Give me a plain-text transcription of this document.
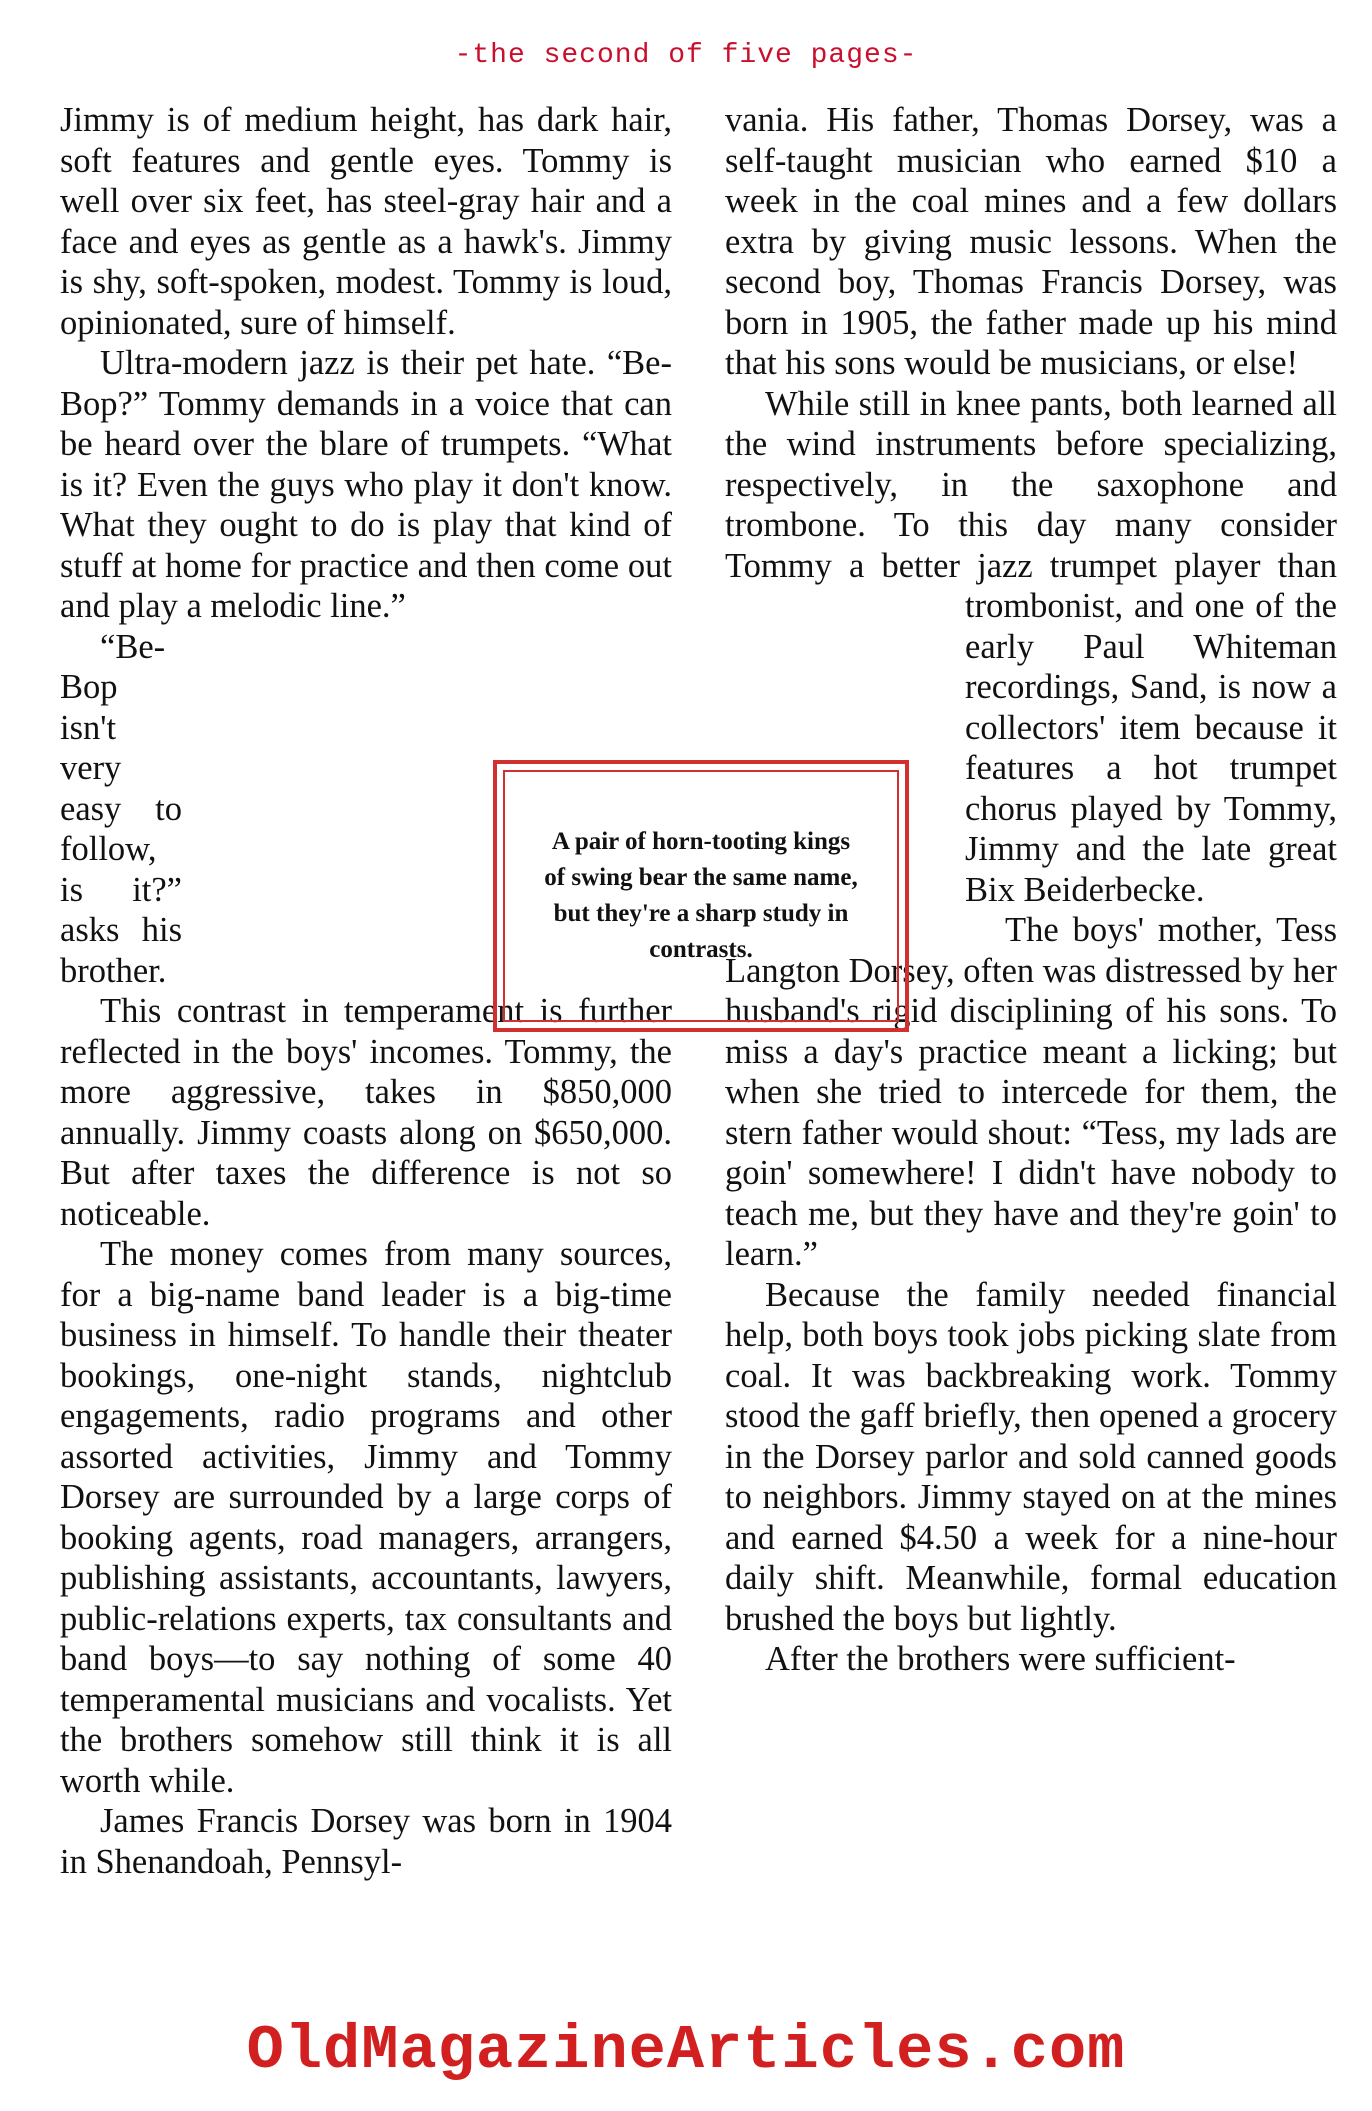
-the second of five pages-

Jimmy is of medium height, has dark hair, soft features and gentle eyes. Tommy is well over six feet, has steel-gray hair and a face and eyes as gentle as a hawk's. Jimmy is shy, soft-spoken, modest. Tommy is loud, opinionated, sure of himself.

Ultra-modern jazz is their pet hate. “Be-Bop?” Tommy demands in a voice that can be heard over the blare of trumpets. “What is it? Even the guys who play it don't know. What they ought to do is play that kind of stuff at home for practice and then come out and play a melodic line.”

“Be-Bop isn't very easy to follow, is it?” asks his brother.

This contrast in temperament is further reflected in the boys' incomes. Tommy, the more aggressive, takes in $850,000 annually. Jimmy coasts along on $650,000. But after taxes the difference is not so noticeable.

The money comes from many sources, for a big-name band leader is a big-time business in himself. To handle their theater bookings, one-night stands, nightclub engagements, radio programs and other assorted activities, Jimmy and Tommy Dorsey are surrounded by a large corps of booking agents, road managers, arrangers, publishing assistants, accountants, lawyers, public-relations experts, tax consultants and band boys—to say nothing of some 40 temperamental musicians and vocalists. Yet the brothers somehow still think it is all worth while.

James Francis Dorsey was born in 1904 in Shenandoah, Pennsyl-

vania. His father, Thomas Dorsey, was a self-taught musician who earned $10 a week in the coal mines and a few dollars extra by giving music lessons. When the second boy, Thomas Francis Dorsey, was born in 1905, the father made up his mind that his sons would be musicians, or else!

While still in knee pants, both learned all the wind instruments before specializing, respectively, in the saxophone and trombone. To this day many consider Tommy a better jazz trumpet player than
trombonist, and one of the early Paul Whiteman recordings, Sand, is now a collectors' item because it features a hot trumpet chorus played by Tommy, Jimmy and the late great Bix Beiderbecke.

The boys' mother, Tess Langton Dorsey, often was distressed by her husband's rigid disciplining of his sons. To miss a day's practice meant a licking; but when she tried to intercede for them, the stern father would shout: “Tess, my lads are goin' somewhere! I didn't have nobody to teach me, but they have and they're goin' to learn.”

Because the family needed financial help, both boys took jobs picking slate from coal. It was backbreaking work. Tommy stood the gaff briefly, then opened a grocery in the Dorsey parlor and sold canned goods to neighbors. Jimmy stayed on at the mines and earned $4.50 a week for a nine-hour daily shift. Meanwhile, formal education brushed the boys but lightly.

After the brothers were sufficient-

A pair of horn-tooting kings of swing bear the same name, but they're a sharp study in contrasts.
OldMagazineArticles.com
